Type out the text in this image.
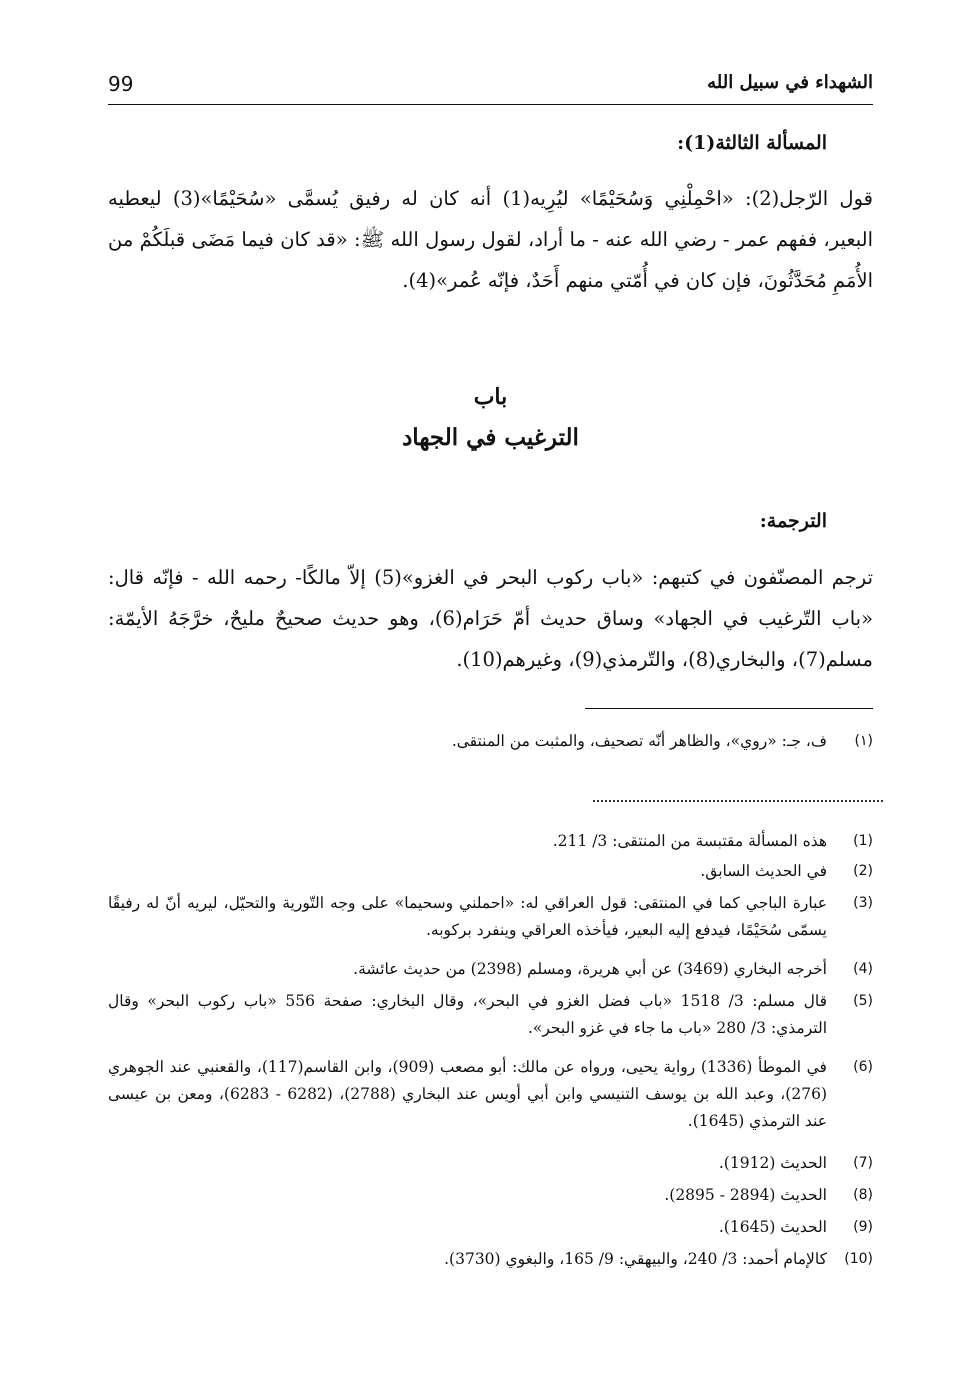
99	الشهداء في سبيل الله
المسألة الثالثة(1):
قول الرّجل(2): «احْمِلْنِي وَسُحَيْمًا» ليُرِيه(1) أنه كان له رفيق يُسمَّى «سُحَيْمًا»(3) ليعطيه البعير، ففهم عمر - رضي الله عنه - ما أراد، لقول رسول الله ﷺ: «قد كان فيما مَضَى قبلَكُمْ من الأُمَمِ مُحَدَّثُونَ، فإن كان في أُمّتي منهم أَحَدٌ، فإنّه عُمر»(4).
باب
الترغيب في الجهاد
الترجمة:
ترجم المصنّفون في كتبهم: «باب ركوب البحر في الغزو»(5) إلاّ مالكًا- رحمه الله - فإنّه قال: «باب التّرغيب في الجهاد» وساق حديث أمّ حَرَام(6)، وهو حديث صحيحٌ مليحٌ، خرَّجَهُ الأيمّة: مسلم(7)، والبخاري(8)، والتّرمذي(9)، وغيرهم(10).
(١)
ف، جـ: «روي»، والظاهر أنّه تصحيف، والمثبت من المنتقى.
(1)
هذه المسألة مقتبسة من المنتقى: 3/ 211.
(2)
في الحديث السابق.
(3)
عبارة الباجي كما في المنتقى: قول العراقي له: «احملني وسحيما» على وجه التّورية والتحيّل، ليريه أنّ له رفيقًا يسمّى سُحَيْمًا، فيدفع إليه البعير، فيأخذه العراقي وينفرد بركوبه.
(4)
أخرجه البخاري (3469) عن أبي هريرة، ومسلم (2398) من حديث عائشة.
(5)
قال مسلم: 3/ 1518 «باب فضل الغزو في البحر»، وقال البخاري: صفحة 556 «باب ركوب البحر» وقال الترمذي: 3/ 280 «باب ما جاء في غزو البحر».
(6)
في الموطأ (1336) رواية يحيى، ورواه عن مالك: أبو مصعب (909)، وابن القاسم(117)، والقعنبي عند الجوهري (276)، وعبد الله بن يوسف التنيسي وابن أبي أويس عند البخاري (2788)، (6282 - 6283)، ومعن بن عيسى عند الترمذي (1645).
(7)
الحديث (1912).
(8)
الحديث (2894 - 2895).
(9)
الحديث (1645).
(10)
كالإمام أحمد: 3/ 240، والبيهقي: 9/ 165، والبغوي (3730).
